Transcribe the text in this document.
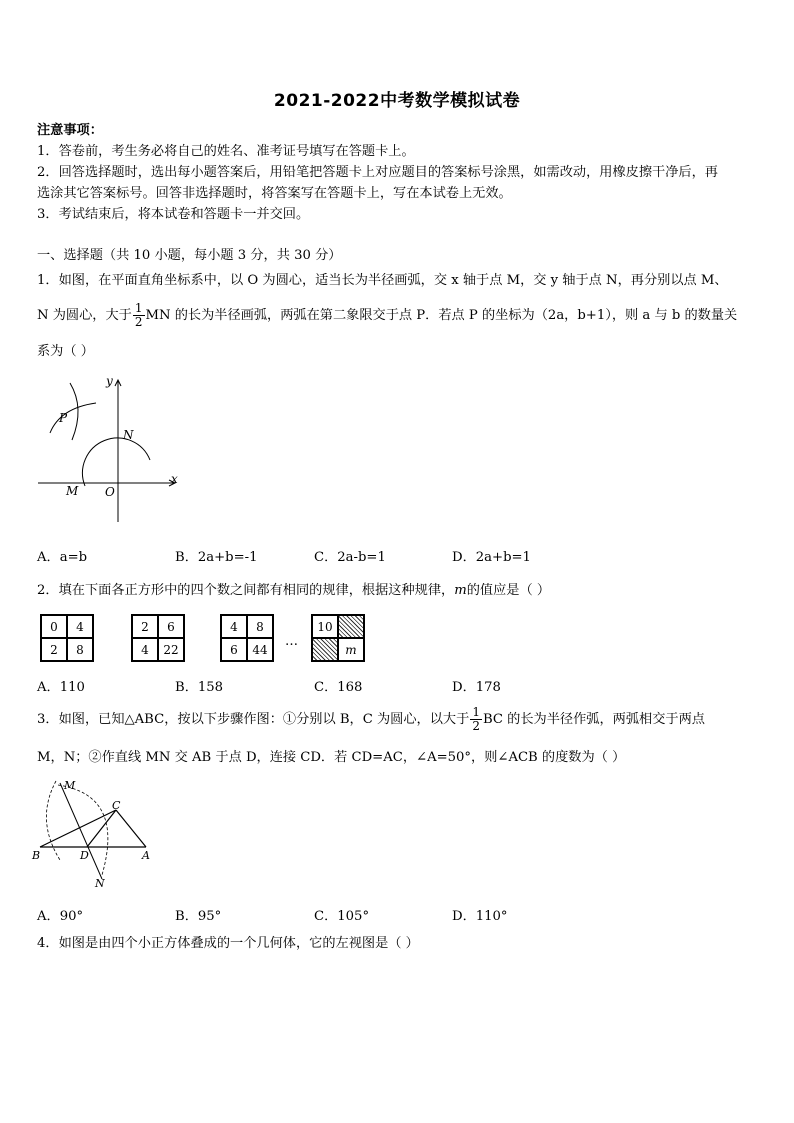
2021-2022中考数学模拟试卷
注意事项：
1．答卷前，考生务必将自己的姓名、准考证号填写在答题卡上。
2．回答选择题时，选出每小题答案后，用铅笔把答题卡上对应题目的答案标号涂黑，如需改动，用橡皮擦干净后，再
选涂其它答案标号。回答非选择题时，将答案写在答题卡上，写在本试卷上无效。
3．考试结束后，将本试卷和答题卡一并交回。
一、选择题（共 10 小题，每小题 3 分，共 30 分）
1．如图，在平面直角坐标系中，以 O 为圆心，适当长为半径画弧，交 x 轴于点 M，交 y 轴于点 N，再分别以点 M、
N 为圆心，大于 $\frac{1}{2}$ MN 的长为半径画弧，两弧在第二象限交于点 P．若点 P 的坐标为（2a，b+1），则 a 与 b 的数量关
系为（ ）
y
x
P
N
M O
A．a=b	B．2a+b=-1	C．2a-b=1	D．2a+b=1
2．填在下面各正方形中的四个数之间都有相同的规律，根据这种规律，m的值应是（ ）
0	4
2	8
2	6
4	22
4	8
6	44
…
10
m
A．110	B．158	C．168	D．178
3．如图，已知△ABC，按以下步骤作图：①分别以 B，C 为圆心，以大于 $\frac{1}{2}$ BC 的长为半径作弧，两弧相交于两点
M，N；②作直线 MN 交 AB 于点 D，连接 CD．若 CD=AC，∠A=50°，则∠ACB 的度数为（ ）
M
C
B	D	A
N
A．90°	B．95°	C．105°	D．110°
4．如图是由四个小正方体叠成的一个几何体，它的左视图是（ ）
